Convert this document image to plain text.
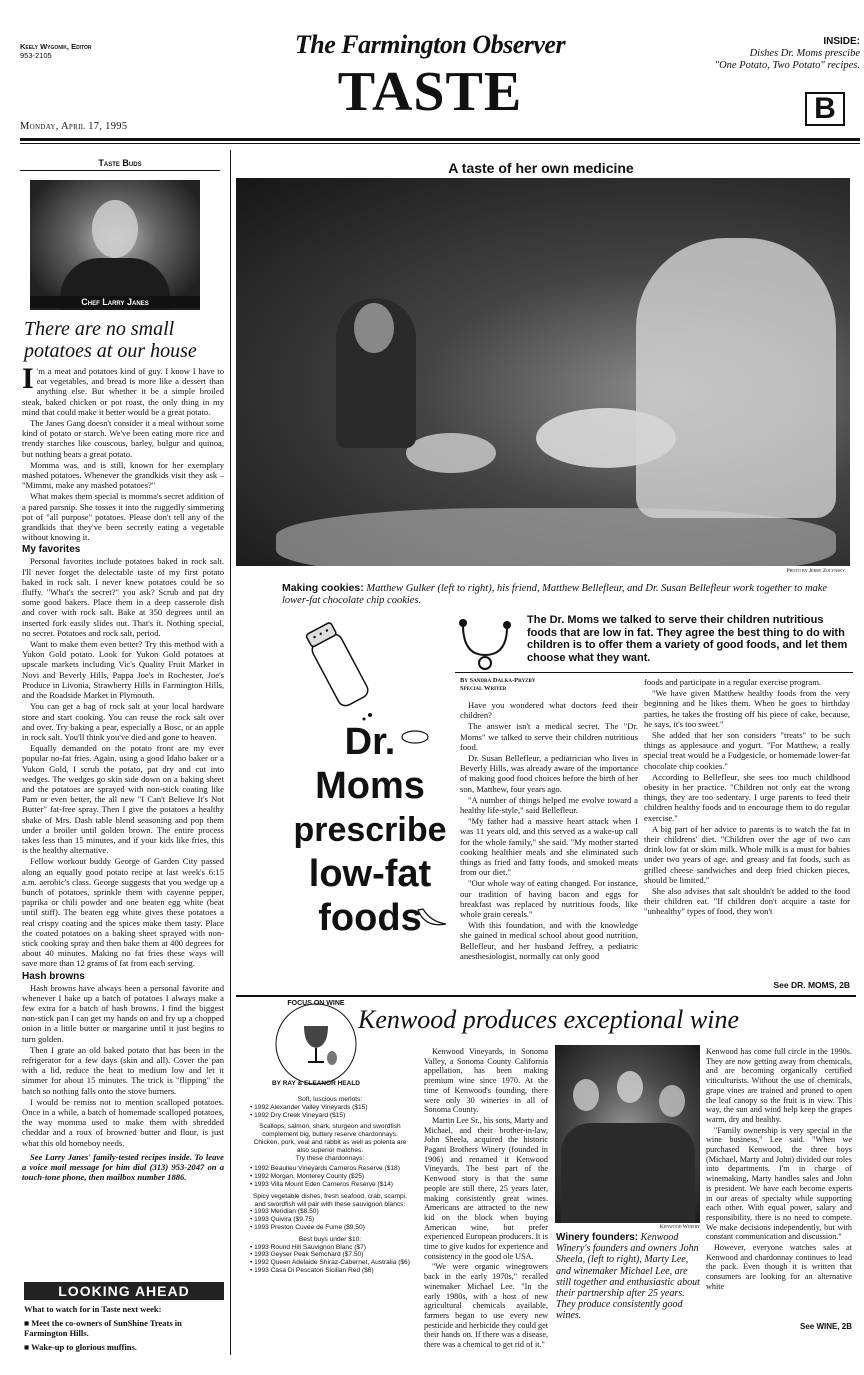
Keely Wygonik, Editor
953-2105	The Farmington Observer
TASTE
INSIDE:
Dishes Dr. Moms prescibe
"One Potato, Two Potato" recipes.
B
Monday, April 17, 1995
Taste Buds
Chef Larry Janes
There are no small potatoes at our house

I 'm a meat and potatoes kind of guy. I know I have to eat vegetables, and bread is more like a dessert than anything else. But whether it be a simple broiled steak, baked chicken or pot roast, the only thing in my mind that could make it better would be a great potato.

The Janes Gang doesn't consider it a meal without some kind of potato or starch. We've been eating more rice and trendy starches like couscous, barley, bulgur and quinoa, but nothing beats a great potato.

Momma was, and is still, known for her exemplary mashed potatoes. Whenever the grandkids visit they ask – "Mimmi, make any mashed potatoes?"

What makes them special is momma's secret addition of a pared parsnip. She tosses it into the ruggedly simmering pot of "all purpose" potatoes. Please don't tell any of the grandkids that they've been secretly eating a vegetable without knowing it.

My favorites

Personal favorites include potatoes baked in rock salt. I'll never forget the delectable taste of my first potato baked in rock salt. I never knew potatoes could be so fluffy. "What's the secret?" you ask? Scrub and pat dry some good bakers. Place them in a deep casserole dish and cover with rock salt. Bake at 350 degrees until an inserted fork easily slides out. That's it. Nothing special, no secret. Potatoes and rock salt, period.

Want to make them even better? Try this method with a Yukon Gold potato. Look for Yukon Gold potatoes at upscale markets including Vic's Quality Fruit Market in Novi and Beverly Hills, Pappa Joe's in Rochester, Joe's Produce in Livonia, Strawberry Hills in Farmington Hills, and the Roadside Market in Plymouth.

You can get a bag of rock salt at your local hardware store and start cooking. You can reuse the rock salt over and over. Try baking a pear, especially a Bosc, or an apple in rock salt. You'll think you've died and gone to heaven.

Equally demanded on the potato front are my ever popular no-fat fries. Again, using a good Idaho baker or a Yukon Gold, I scrub the potato, pat dry and cut into wedges. The wedges go skin side down on a baking sheet and the potatoes are sprayed with non-stick coating like Pam or even better, the all new "I Can't Believe It's Not Butter" fat-free spray. Then I give the potatoes a healthy shake of Mrs. Dash table blend seasoning and pop them under a broiler until golden brown. The entire process takes less than 15 minutes, and if your kids like fries, this is the healthy alternative.

Fellow workout buddy George of Garden City passed along an equally good potato recipe at last week's 6:15 a.m. aerobic's class. George suggests that you wedge up a bunch of potatoes, sprinkle them with cayenne pepper, paprika or chili powder and one beaten egg white (beat until stiff). The beaten egg white gives these potatoes a real crispy coating and the spices make them tasty. Place the coated potatoes on a baking sheet sprayed with non-stick cooking spray and then bake them at 400 degrees for about 40 minutes. Making no fat fries these ways will save more than 12 grams of fat from each serving.

Hash browns

Hash browns have always been a personal favorite and whenever I bake up a batch of potatoes I always make a few extra for a batch of hash browns. I find the biggest non-stick pan I can get my hands on and fry up a chopped onion in a little butter or margarine until it just begins to turn golden.

Then I grate an old baked potato that has been in the refrigerator for a few days (skin and all). Cover the pan with a lid, reduce the heat to medium low and let it simmer for about 15 minutes. The trick is "flipping" the batch so nothing falls onto the stove burners.

I would be remiss not to mention scalloped potatoes. Once in a while, a batch of homemade scalloped potatoes, the way momma used to make them with shredded cheddar and a roux of browned butter and flour, is just what this old homeboy needs.

See Larry Janes' family-tested recipes inside. To leave a voice mail message for him dial (313) 953-2047 on a touch-tone phone, then mailbox number 1886.

LOOKING AHEAD
What to watch for in Taste next week:
■ Meet the co-owners of SunShine Treats in Farmington Hills.
■ Wake-up to glorious muffins.
A taste of her own medicine
Photo by Jerry Zolynsky
Making cookies: Matthew Gulker (left to right), his friend, Matthew Bellefleur, and Dr. Susan Bellefleur work together to make lower-fat chocolate chip cookies.
Dr.
Moms
prescribe
low-fat
foods
The Dr. Moms we talked to serve their children nutritious foods that are low in fat. They agree the best thing to do with children is to offer them a variety of good foods, and let them choose what they want.
By Sandra Dalka-Pryzby
Special Writer

Have you wondered what doctors feed their children?

The answer isn't a medical secret. The "Dr. Moms" we talked to serve their children nutritious food.

Dr. Susan Bellefleur, a pediatrician who lives in Beverly Hills, was already aware of the importance of making good food choices before the birth of her son, Matthew, four years ago.

"A number of things helped me evolve toward a healthy life-style," said Bellefleur.

"My father had a massive heart attack when I was 11 years old, and this served as a wake-up call for the whole family," she said. "My mother started cooking healthier meals and she eliminated such things as fried and fatty foods, and smoked meats from our diet."

"Our whole way of eating changed. For instance, our tradition of having bacon and eggs for breakfast was replaced by nutritious foods, like whole grain cereals."

With this foundation, and with the knowledge she gained in medical school about good nutrition, Bellefleur, and her husband Jeffrey, a pediatric anesthesiologist, normally cat only good

foods and participate in a regular exercise program.

"We have given Matthew healthy foods from the very beginning and he likes them. When he goes to birthday parties, he takes the frosting off his piece of cake, because, he says, it's too sweet."

She added that her son considers "treats" to be such things as applesauce and yogurt. "For Matthew, a really special treat would be a Fudgesicle, or homemade lower-fat chocolate chip cookies."

According to Bellefleur, she sees too much childhood obesity in her practice. "Children not only eat the wrong things, they are too sedentary. I urge parents to feed their children healthy foods and to encourage them to do regular exercise."

A big part of her advice to parents is to watch the fat in their childrens' diet. "Children over the age of two can drink low fat or skim milk. Whole milk is a must for babies under two years of age, and greasy and fat foods, such as grilled cheese sandwiches and deep fried chicken pieces, should be limited."

She also advises that salt shouldn't be added to the food their children eat. "If children don't acquire a taste for "unhealthy" types of food, they won't

See DR. MOMS, 2B
FOCUS ON WINE
BY RAY & ELEANOR HEALD
Kenwood produces exceptional wine
Soft, luscious merlots:
• 1992 Alexander Valley Vineyards ($15)
• 1992 Dry Creek Vineyard ($15)
Scallops, salmon, shark, sturgeon and swordfish complement big, buttery reserve chardonnays. Chicken, pork, veal and rabbit as well as polenta are also superior matches.
Try these chardonnays:
• 1992 Beaulieu Vineyards Carneros Reserve ($18)
• 1992 Morgan, Monterey County ($25)
• 1993 Villa Mount Eden Carneros Reserve ($14)
Spicy vegetable dishes, fresh seafood, crab, scampi, and swordfish will pair with these sauvignon blancs:
• 1993 Meridian ($8.50)
• 1993 Quivira ($9.75)
• 1993 Preston Cuvee de Fume ($9.50)
Best buys under $10:
• 1993 Round Hill Sauvignon Blanc ($7)
• 1993 Geyser Peak Semchard ($7.50)
• 1992 Queen Adelaide Shiraz-Cabernet, Australia ($6)
• 1993 Casa Di Pescatori Sicilian Red ($6)

Kenwood Vineyards, in Sonoma Valley, a Sonoma County California appellation, has been making premium wine since 1970. At the time of Kenwood's founding, there were only 30 wineries in all of Sonoma County.

Martin Lee Sr., his sons, Marty and Michael, and their brother-in-law, John Sheela, acquired the historic Pagani Brothers Winery (founded in 1906) and renamed it Kenwood Vineyards. The best part of the Kenwood story is that the same people are still there, 25 years later, making consistently great wines. Americans are attracted to the new kid on the block when buying American wine, but prefer experienced European producers. It is time to give kudos for experience and consistency in the good ole USA.

"We were organic winegrowers back in the early 1970s," recalled winemaker Michael Lee. "In the early 1980s, with a host of new agricultural chemicals available, farmers began to use every new pesticide and herbicide they could get their hands on. If there was a disease, there was a chemical to get rid of it."

Kenwood Winery
Winery founders: Kenwood Winery's founders and owners John Sheela, (left to right), Marty Lee, and winemaker Michael Lee, are still together and enthusiastic about their partnership after 25 years. They produce consistently good wines.

Kenwood has come full circle in the 1990s. They are now getting away from chemicals, and are becoming organically certified viticulturists. Without the use of chemicals, grape vines are trained and pruned to open the leaf canopy so the fruit is in view. This way, the sun and wind help keep the grapes warm, dry and healthy.

"Family ownership is very special in the wine business," Lee said. "When we purchased Kenwood, the three boys (Michael, Marty and John) divided our roles into departments. I'm in charge of winemaking, Marty handles sales and John is president. We have each become experts in our areas of specialty while supporting each other. With equal power, salary and responsibility, there is no need to compete. We make decisions independently, but with constant communication and discussion."

However, everyone watches sales at Kenwood and chardonnay continues to lead the pack. Even though it is written that consumers are looking for an alternative white

See WINE, 2B
